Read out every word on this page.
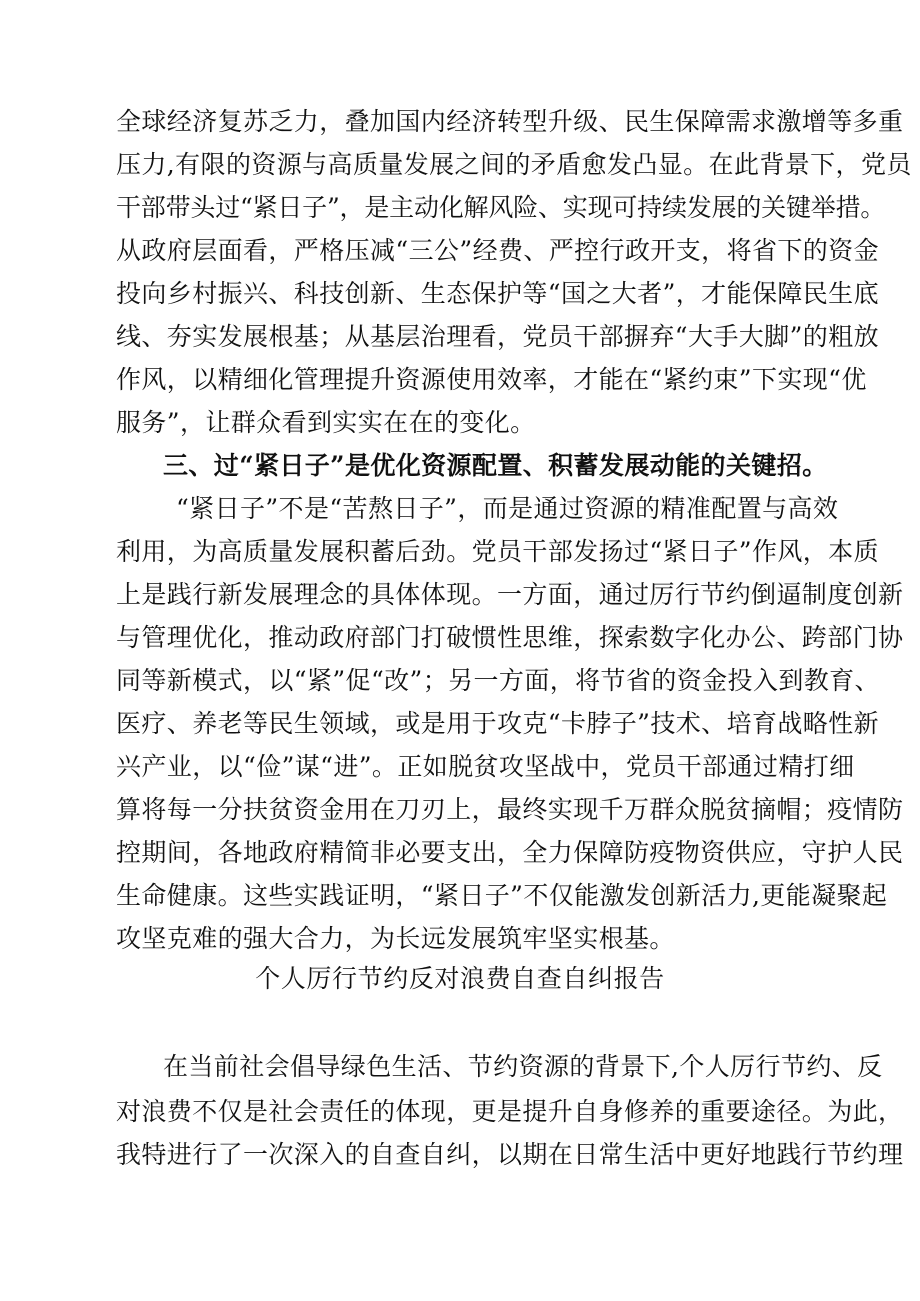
全球经济复苏乏力，叠加国内经济转型升级、民生保障需求激增等多重
压力,有限的资源与高质量发展之间的矛盾愈发凸显。在此背景下，党员
干部带头过“紧日子”，是主动化解风险、实现可持续发展的关键举措。
从政府层面看，严格压减“三公”经费、严控行政开支，将省下的资金
投向乡村振兴、科技创新、生态保护等“国之大者”，才能保障民生底
线、夯实发展根基；从基层治理看，党员干部摒弃“大手大脚”的粗放
作风，以精细化管理提升资源使用效率，才能在“紧约束”下实现“优
服务”，让群众看到实实在在的变化。
三、过“紧日子”是优化资源配置、积蓄发展动能的关键招。
“紧日子”不是“苦熬日子”，而是通过资源的精准配置与高效
利用，为高质量发展积蓄后劲。党员干部发扬过“紧日子”作风，本质
上是践行新发展理念的具体体现。一方面，通过厉行节约倒逼制度创新
与管理优化，推动政府部门打破惯性思维，探索数字化办公、跨部门协
同等新模式，以“紧”促“改”；另一方面，将节省的资金投入到教育、
医疗、养老等民生领域，或是用于攻克“卡脖子”技术、培育战略性新
兴产业，以“俭”谋“进”。正如脱贫攻坚战中，党员干部通过精打细
算将每一分扶贫资金用在刀刃上，最终实现千万群众脱贫摘帽；疫情防
控期间，各地政府精简非必要支出，全力保障防疫物资供应，守护人民
生命健康。这些实践证明，“紧日子”不仅能激发创新活力,更能凝聚起
攻坚克难的强大合力，为长远发展筑牢坚实根基。
个人厉行节约反对浪费自查自纠报告
在当前社会倡导绿色生活、节约资源的背景下,个人厉行节约、反
对浪费不仅是社会责任的体现，更是提升自身修养的重要途径。为此，
我特进行了一次深入的自查自纠，以期在日常生活中更好地践行节约理
